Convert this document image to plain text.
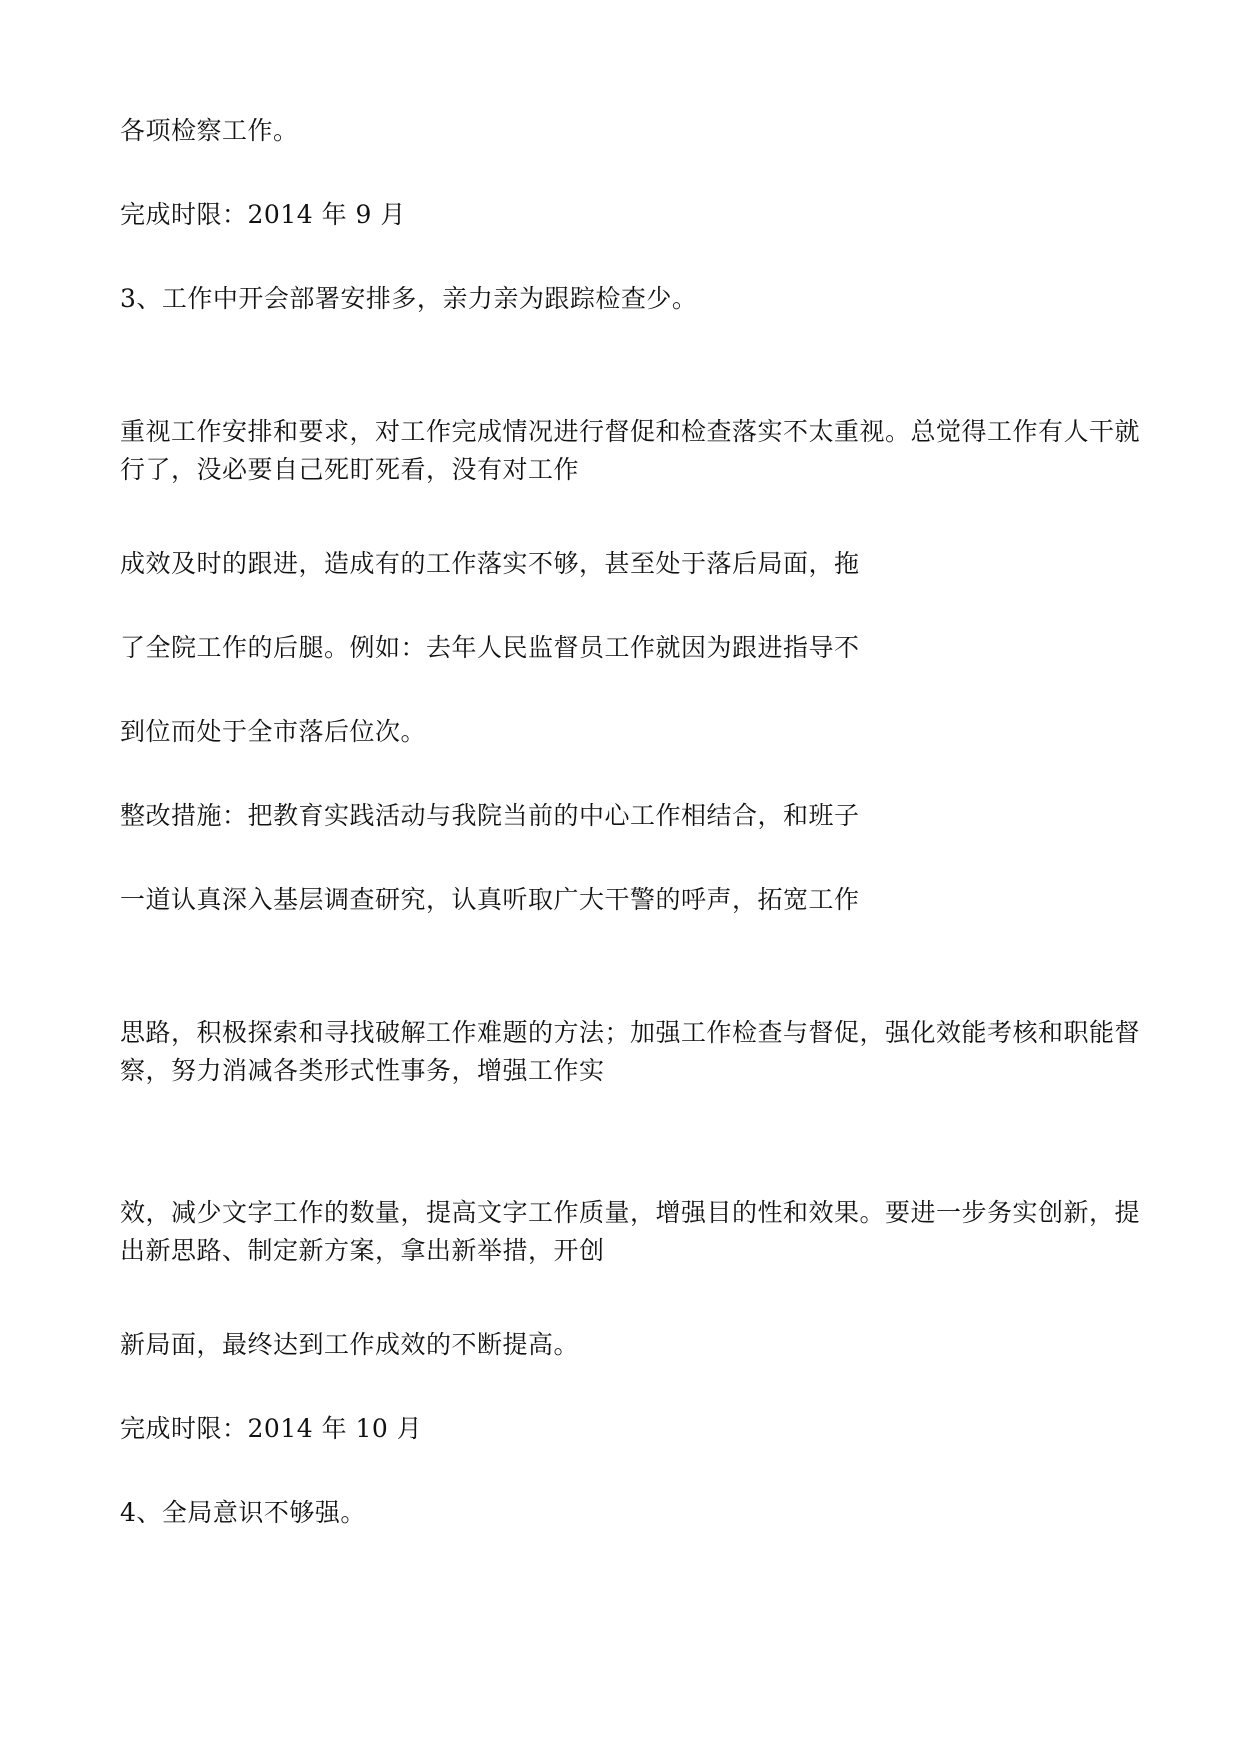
各项检察工作。

完成时限：2014 年 9 月

3、工作中开会部署安排多，亲力亲为跟踪检查少。

重视工作安排和要求，对工作完成情况进行督促和检查落实不太重视。总觉得工作有人干就
行了，没必要自己死盯死看，没有对工作

成效及时的跟进，造成有的工作落实不够，甚至处于落后局面，拖

了全院工作的后腿。例如：去年人民监督员工作就因为跟进指导不

到位而处于全市落后位次。

整改措施：把教育实践活动与我院当前的中心工作相结合，和班子

一道认真深入基层调查研究，认真听取广大干警的呼声，拓宽工作

思路，积极探索和寻找破解工作难题的方法；加强工作检查与督促，强化效能考核和职能督
察，努力消减各类形式性事务，增强工作实

效，减少文字工作的数量，提高文字工作质量，增强目的性和效果。要进一步务实创新，提
出新思路、制定新方案，拿出新举措，开创

新局面，最终达到工作成效的不断提高。

完成时限：2014 年 10 月

4、全局意识不够强。
